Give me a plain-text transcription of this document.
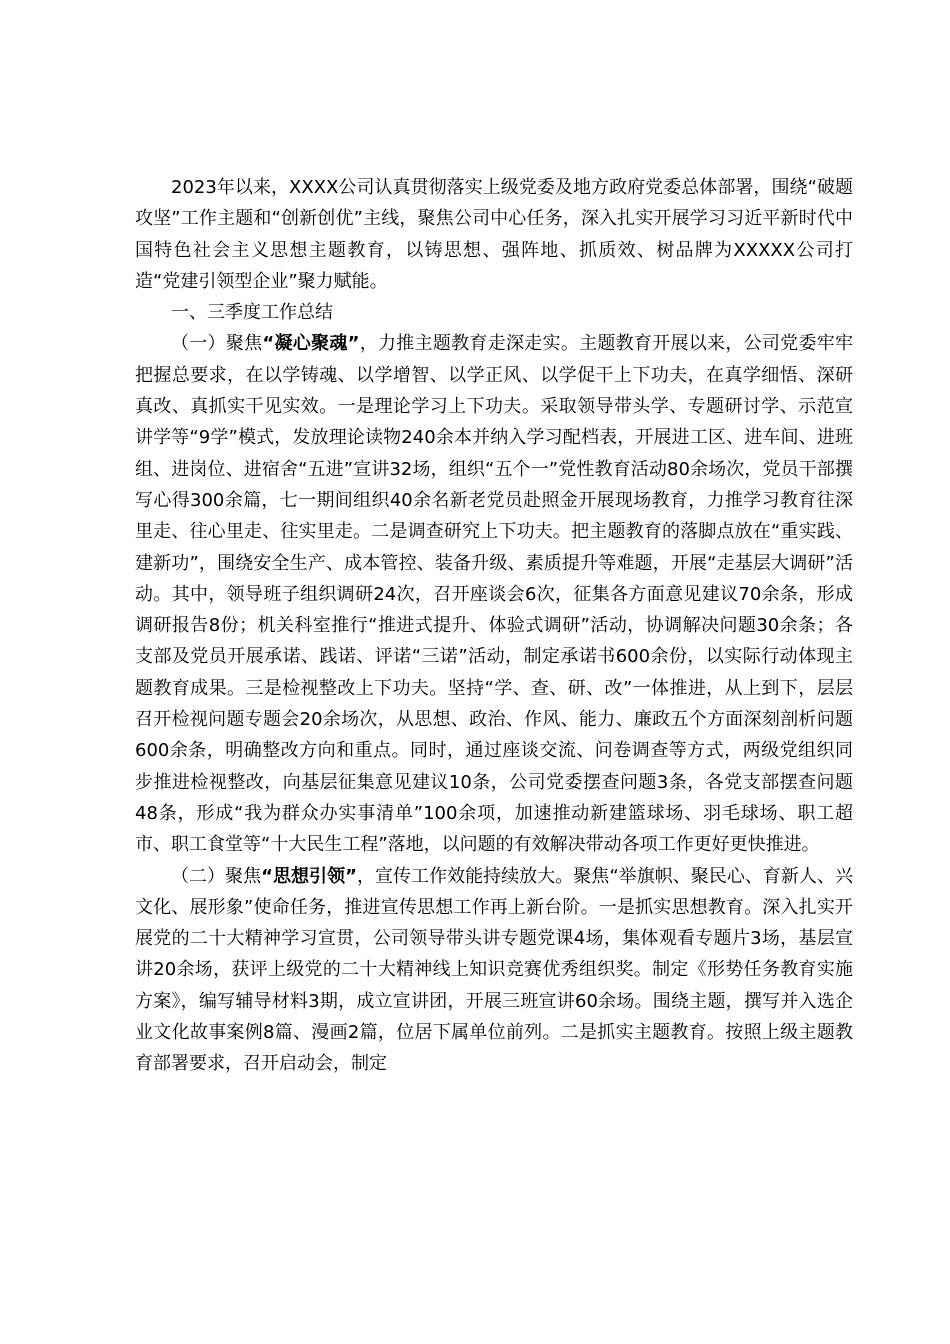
2023年以来，XXXX公司认真贯彻落实上级党委及地方政府党委总体部署，围绕“破题攻坚”工作主题和“创新创优”主线，聚焦公司中心任务，深入扎实开展学习习近平新时代中国特色社会主义思想主题教育，以铸思想、强阵地、抓质效、树品牌为XXXXX公司打造“党建引领型企业”聚力赋能。

一、三季度工作总结

（一）聚焦“凝心聚魂”，力推主题教育走深走实。主题教育开展以来，公司党委牢牢把握总要求，在以学铸魂、以学增智、以学正风、以学促干上下功夫，在真学细悟、深研真改、真抓实干见实效。一是理论学习上下功夫。采取领导带头学、专题研讨学、示范宣讲学等“9学”模式，发放理论读物240余本并纳入学习配档表，开展进工区、进车间、进班组、进岗位、进宿舍“五进”宣讲32场，组织“五个一”党性教育活动80余场次，党员干部撰写心得300余篇，七一期间组织40余名新老党员赴照金开展现场教育，力推学习教育往深里走、往心里走、往实里走。二是调查研究上下功夫。把主题教育的落脚点放在“重实践、建新功”，围绕安全生产、成本管控、装备升级、素质提升等难题，开展“走基层大调研”活动。其中，领导班子组织调研24次，召开座谈会6次，征集各方面意见建议70余条，形成调研报告8份；机关科室推行“推进式提升、体验式调研”活动，协调解决问题30余条；各支部及党员开展承诺、践诺、评诺“三诺”活动，制定承诺书600余份，以实际行动体现主题教育成果。三是检视整改上下功夫。坚持“学、查、研、改”一体推进，从上到下，层层召开检视问题专题会20余场次，从思想、政治、作风、能力、廉政五个方面深刻剖析问题600余条，明确整改方向和重点。同时，通过座谈交流、问卷调查等方式，两级党组织同步推进检视整改，向基层征集意见建议10条，公司党委摆查问题3条，各党支部摆查问题48条，形成“我为群众办实事清单”100余项，加速推动新建篮球场、羽毛球场、职工超市、职工食堂等“十大民生工程”落地，以问题的有效解决带动各项工作更好更快推进。

（二）聚焦“思想引领”，宣传工作效能持续放大。聚焦“举旗帜、聚民心、育新人、兴文化、展形象”使命任务，推进宣传思想工作再上新台阶。一是抓实思想教育。深入扎实开展党的二十大精神学习宣贯，公司领导带头讲专题党课4场，集体观看专题片3场，基层宣讲20余场，获评上级党的二十大精神线上知识竞赛优秀组织奖。制定《形势任务教育实施方案》，编写辅导材料3期，成立宣讲团，开展三班宣讲60余场。围绕主题，撰写并入选企业文化故事案例8篇、漫画2篇，位居下属单位前列。二是抓实主题教育。按照上级主题教育部署要求，召开启动会，制定
